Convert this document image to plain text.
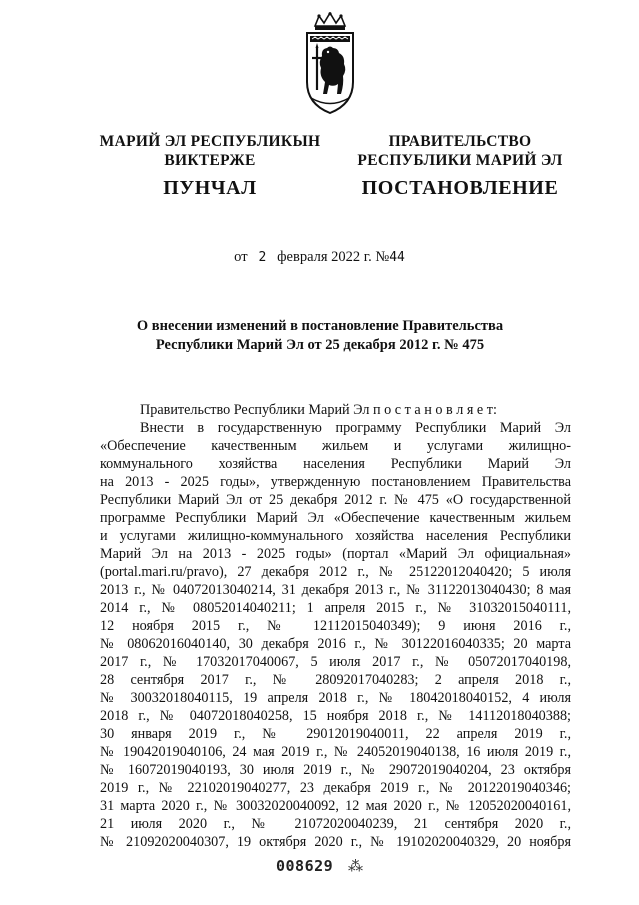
МАРИЙ ЭЛ РЕСПУБЛИКЫН
ВИКТЕРЖЕ
ПУНЧАЛ
ПРАВИТЕЛЬСТВО
РЕСПУБЛИКИ МАРИЙ ЭЛ
ПОСТАНОВЛЕНИЕ
от 2 февраля 2022 г. №44
О внесении изменений в постановление Правительства
Республики Марий Эл от 25 декабря 2012 г. № 475
Правительство Республики Марий Эл п о с т а н о в л я е т:
Внести в государственную программу Республики Марий Эл
«Обеспечение качественным жильем и услугами жилищно-
коммунального хозяйства населения Республики Марий Эл
на 2013 - 2025 годы», утвержденную постановлением Правительства
Республики Марий Эл от 25 декабря 2012 г. № 475 «О государственной
программе Республики Марий Эл «Обеспечение качественным жильем
и услугами жилищно-коммунального хозяйства населения Республики
Марий Эл на 2013 - 2025 годы» (портал «Марий Эл официальная»
(portal.mari.ru/pravo), 27 декабря 2012 г., № 25122012040420; 5 июля
2013 г., № 04072013040214, 31 декабря 2013 г., № 31122013040430; 8 мая
2014 г., № 08052014040211; 1 апреля 2015 г., № 31032015040111,
12 ноября 2015 г., № 12112015040349); 9 июня 2016 г.,
№ 08062016040140, 30 декабря 2016 г., № 30122016040335; 20 марта
2017 г., № 17032017040067, 5 июля 2017 г., № 05072017040198,
28 сентября 2017 г., № 28092017040283; 2 апреля 2018 г.,
№ 30032018040115, 19 апреля 2018 г., № 18042018040152, 4 июля
2018 г., № 04072018040258, 15 ноября 2018 г., № 14112018040388;
30 января 2019 г., № 29012019040011, 22 апреля 2019 г.,
№ 19042019040106, 24 мая 2019 г., № 24052019040138, 16 июля 2019 г.,
№ 16072019040193, 30 июля 2019 г., № 29072019040204, 23 октября
2019 г., № 22102019040277, 23 декабря 2019 г., № 20122019040346;
31 марта 2020 г., № 30032020040092, 12 мая 2020 г., № 12052020040161,
21 июля 2020 г., № 21072020040239, 21 сентября 2020 г.,
№ 21092020040307, 19 октября 2020 г., № 19102020040329, 20 ноября
008629 ⁂
